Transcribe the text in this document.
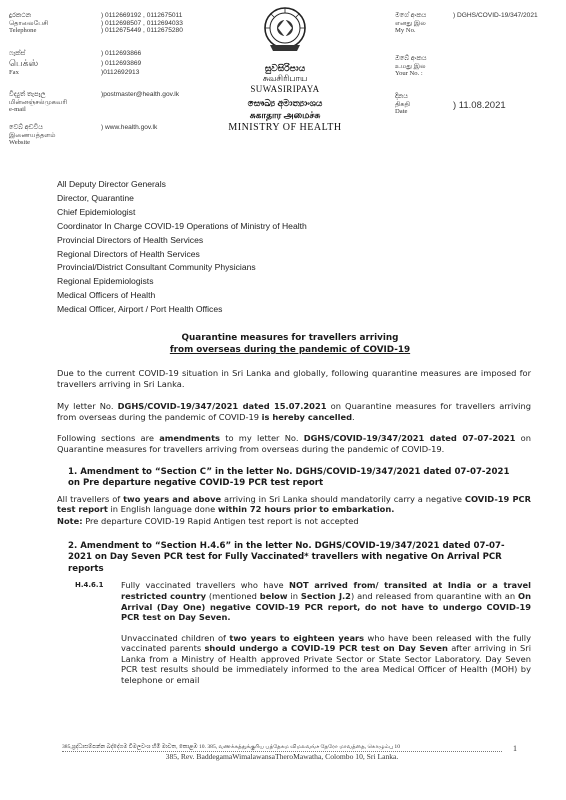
දුරකථන
தொலைபேசி
Telephone
) 0112669192 , 0112675011
) 0112698507 , 0112694033
) 0112675449 , 0112675280
ෆැක්ස්
பெக்ஸ்
Fax
) 0112693866
) 0112693869
)0112692913
විද්‍යුත් තැපෑල
மின்னஞ்சல்முகவரி
e-mail
)postmaster@health.gov.lk
වෙබ් අඩවිය
இணையத்தளம்
Website
) www.health.gov.lk
සුවසිරිපාය
சுவசிரிபாய
SUWASIRIPAYA
සෞඛ්‍ය අමාත්‍යාංශය
சுகாதார அமைச்சு
MINISTRY OF HEALTH
මගේ අංකය
எனது இல
My No.
) DGHS/COVID-19/347/2021
ඔබේ අංකය
உமது இல
Your No. :
දිනය
திகதி
Date
) 11.08.2021
All Deputy Director Generals
Director, Quarantine
Chief Epidemiologist
Coordinator In Charge COVID-19 Operations of Ministry of Health
Provincial Directors of Health Services
Regional Directors of Health Services
Provincial/District Consultant Community Physicians
Regional Epidemiologists
Medical Officers of Health
Medical Officer, Airport / Port Health Offices
Quarantine measures for travellers arriving
from overseas during the pandemic of COVID-19

Due to the current COVID-19 situation in Sri Lanka and globally, following quarantine measures are imposed for travellers arriving in Sri Lanka.

My letter No. DGHS/COVID-19/347/2021 dated 15.07.2021 on Quarantine measures for travellers arriving from overseas during the pandemic of COVID-19 is hereby cancelled.

Following sections are amendments to my letter No. DGHS/COVID-19/347/2021 dated 07-07-2021 on Quarantine measures for travellers arriving from overseas during the pandemic of COVID-19.

1. Amendment to “Section C” in the letter No. DGHS/COVID-19/347/2021 dated 07-07-2021 on Pre departure negative COVID-19 PCR test report

All travellers of two years and above arriving in Sri Lanka should mandatorily carry a negative COVID-19 PCR test report in English language done within 72 hours prior to embarkation.

Note: Pre departure COVID-19 Rapid Antigen test report is not accepted

2. Amendment to “Section H.4.6” in the letter No. DGHS/COVID-19/347/2021 dated 07-07-2021 on Day Seven PCR test for Fully Vaccinated* travellers with negative On Arrival PCR reports
H.4.6.1	Fully vaccinated travellers who have NOT arrived from/ transited at India or a travel restricted country (mentioned below in Section J.2) and released from quarantine with an On Arrival (Day One) negative COVID-19 PCR report, do not have to undergo COVID-19 PCR test on Day Seven.

Unvaccinated children of two years to eighteen years who have been released with the fully vaccinated parents should undergo a COVID-19 PCR test on Day Seven after arriving in Sri Lanka from a Ministry of Health approved Private Sector or State Sector Laboratory. Day Seven PCR test results should be immediately informed to the area Medical Officer of Health (MOH) by telephone or email

385,ශ්‍රද්ධාසම්පන්න බද්දේගම විමලවංශ හිමි මාවත, කොළඹ 10. 385, வணக்கத்துக்குரிய பத்தேகம விமலவங்ச தேரோ மாவத்தை, கொழும்பு 10
385, Rev. BaddegamaWimalawansaTheroMawatha, Colombo 10, Sri Lanka.
1
